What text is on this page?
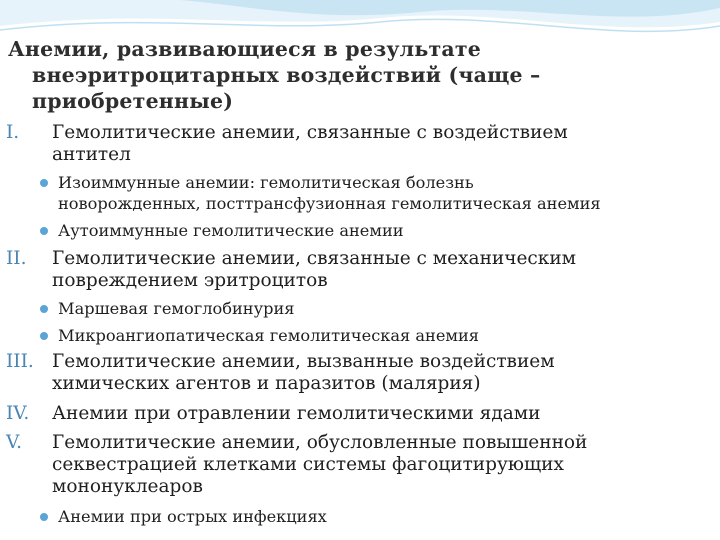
Анемии, развивающиеся в результате
внеэритроцитарных воздействий (чаще –
приобретенные)
I. Гемолитические анемии, связанные с воздействием
антител
Изоиммунные анемии: гемолитическая болезнь
новорожденных, посттрансфузионная гемолитическая анемия
Аутоиммунные гемолитические анемии
II. Гемолитические анемии, связанные с механическим
повреждением эритроцитов
Маршевая гемоглобинурия
Микроангиопатическая гемолитическая анемия
III. Гемолитические анемии, вызванные воздействием
химических агентов и паразитов (малярия)
IV. Анемии при отравлении гемолитическими ядами
V. Гемолитические анемии, обусловленные повышенной
секвестрацией клетками системы фагоцитирующих
мононуклеаров
Анемии при острых инфекциях
